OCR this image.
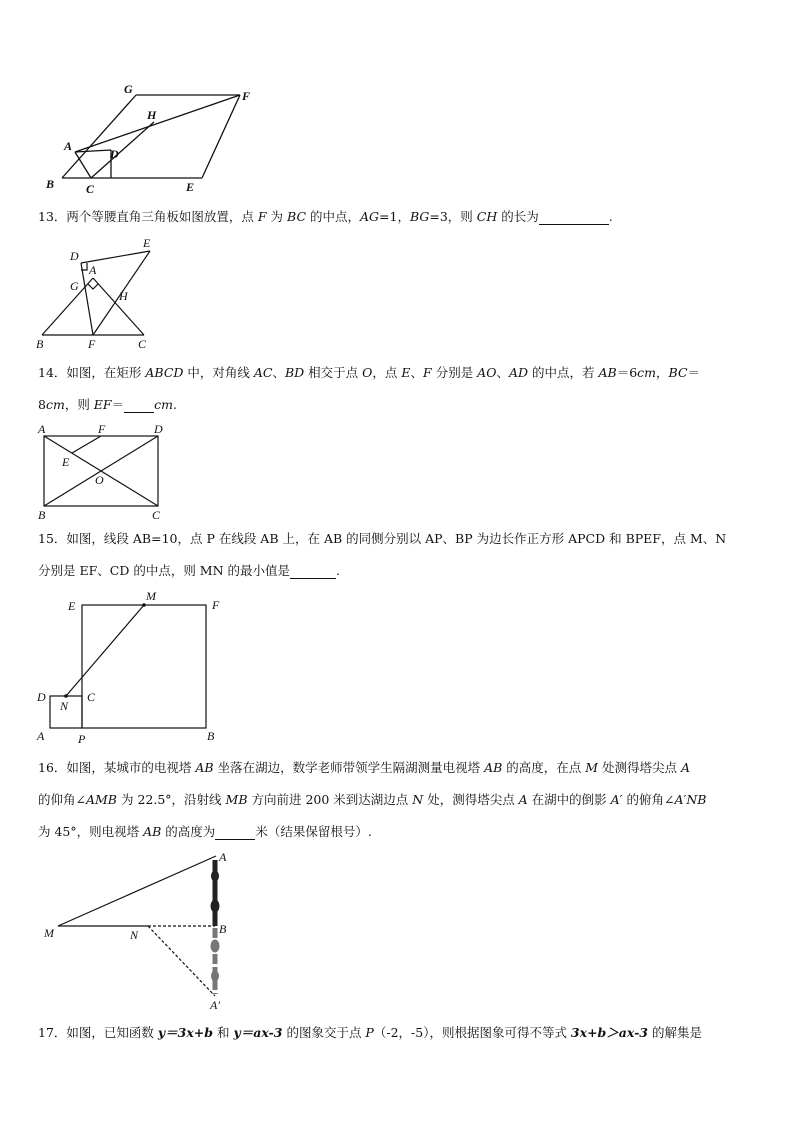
G	F
H
A
D
B	C	E
13．两个等腰直角三角板如图放置，点 F 为 BC 的中点，AG=1，BG=3，则 CH 的长为	.
E
D
A
G
H
B	F	C
14．如图，在矩形 ABCD 中，对角线 AC、BD 相交于点 O，点 E、F 分别是 AO、AD 的中点，若 AB＝6cm，BC＝
8cm，则 EF＝ cm.
A	F	D
E
O
B	C
15．如图，线段 AB=10，点 P 在线段 AB 上，在 AB 的同侧分别以 AP、BP 为边长作正方形 APCD 和 BPEF，点 M、N
分别是 EF、CD 的中点，则 MN 的最小值是	.
E
M
F
D
N
C
A	P	B
16．如图，某城市的电视塔 AB 坐落在湖边，数学老师带领学生隔湖测量电视塔 AB 的高度，在点 M 处测得塔尖点 A
的仰角∠AMB 为 22.5°，沿射线 MB 方向前进 200 米到达湖边点 N 处，测得塔尖点 A 在湖中的倒影 A′ 的俯角∠A′NB
为 45°，则电视塔 AB 的高度为	米（结果保留根号）.
A
M	N	B
A′
17．如图，已知函数 y＝3x+b 和 y＝ax-3 的图象交于点 P（-2，-5），则根据图象可得不等式 3x+b＞ax-3 的解集是
